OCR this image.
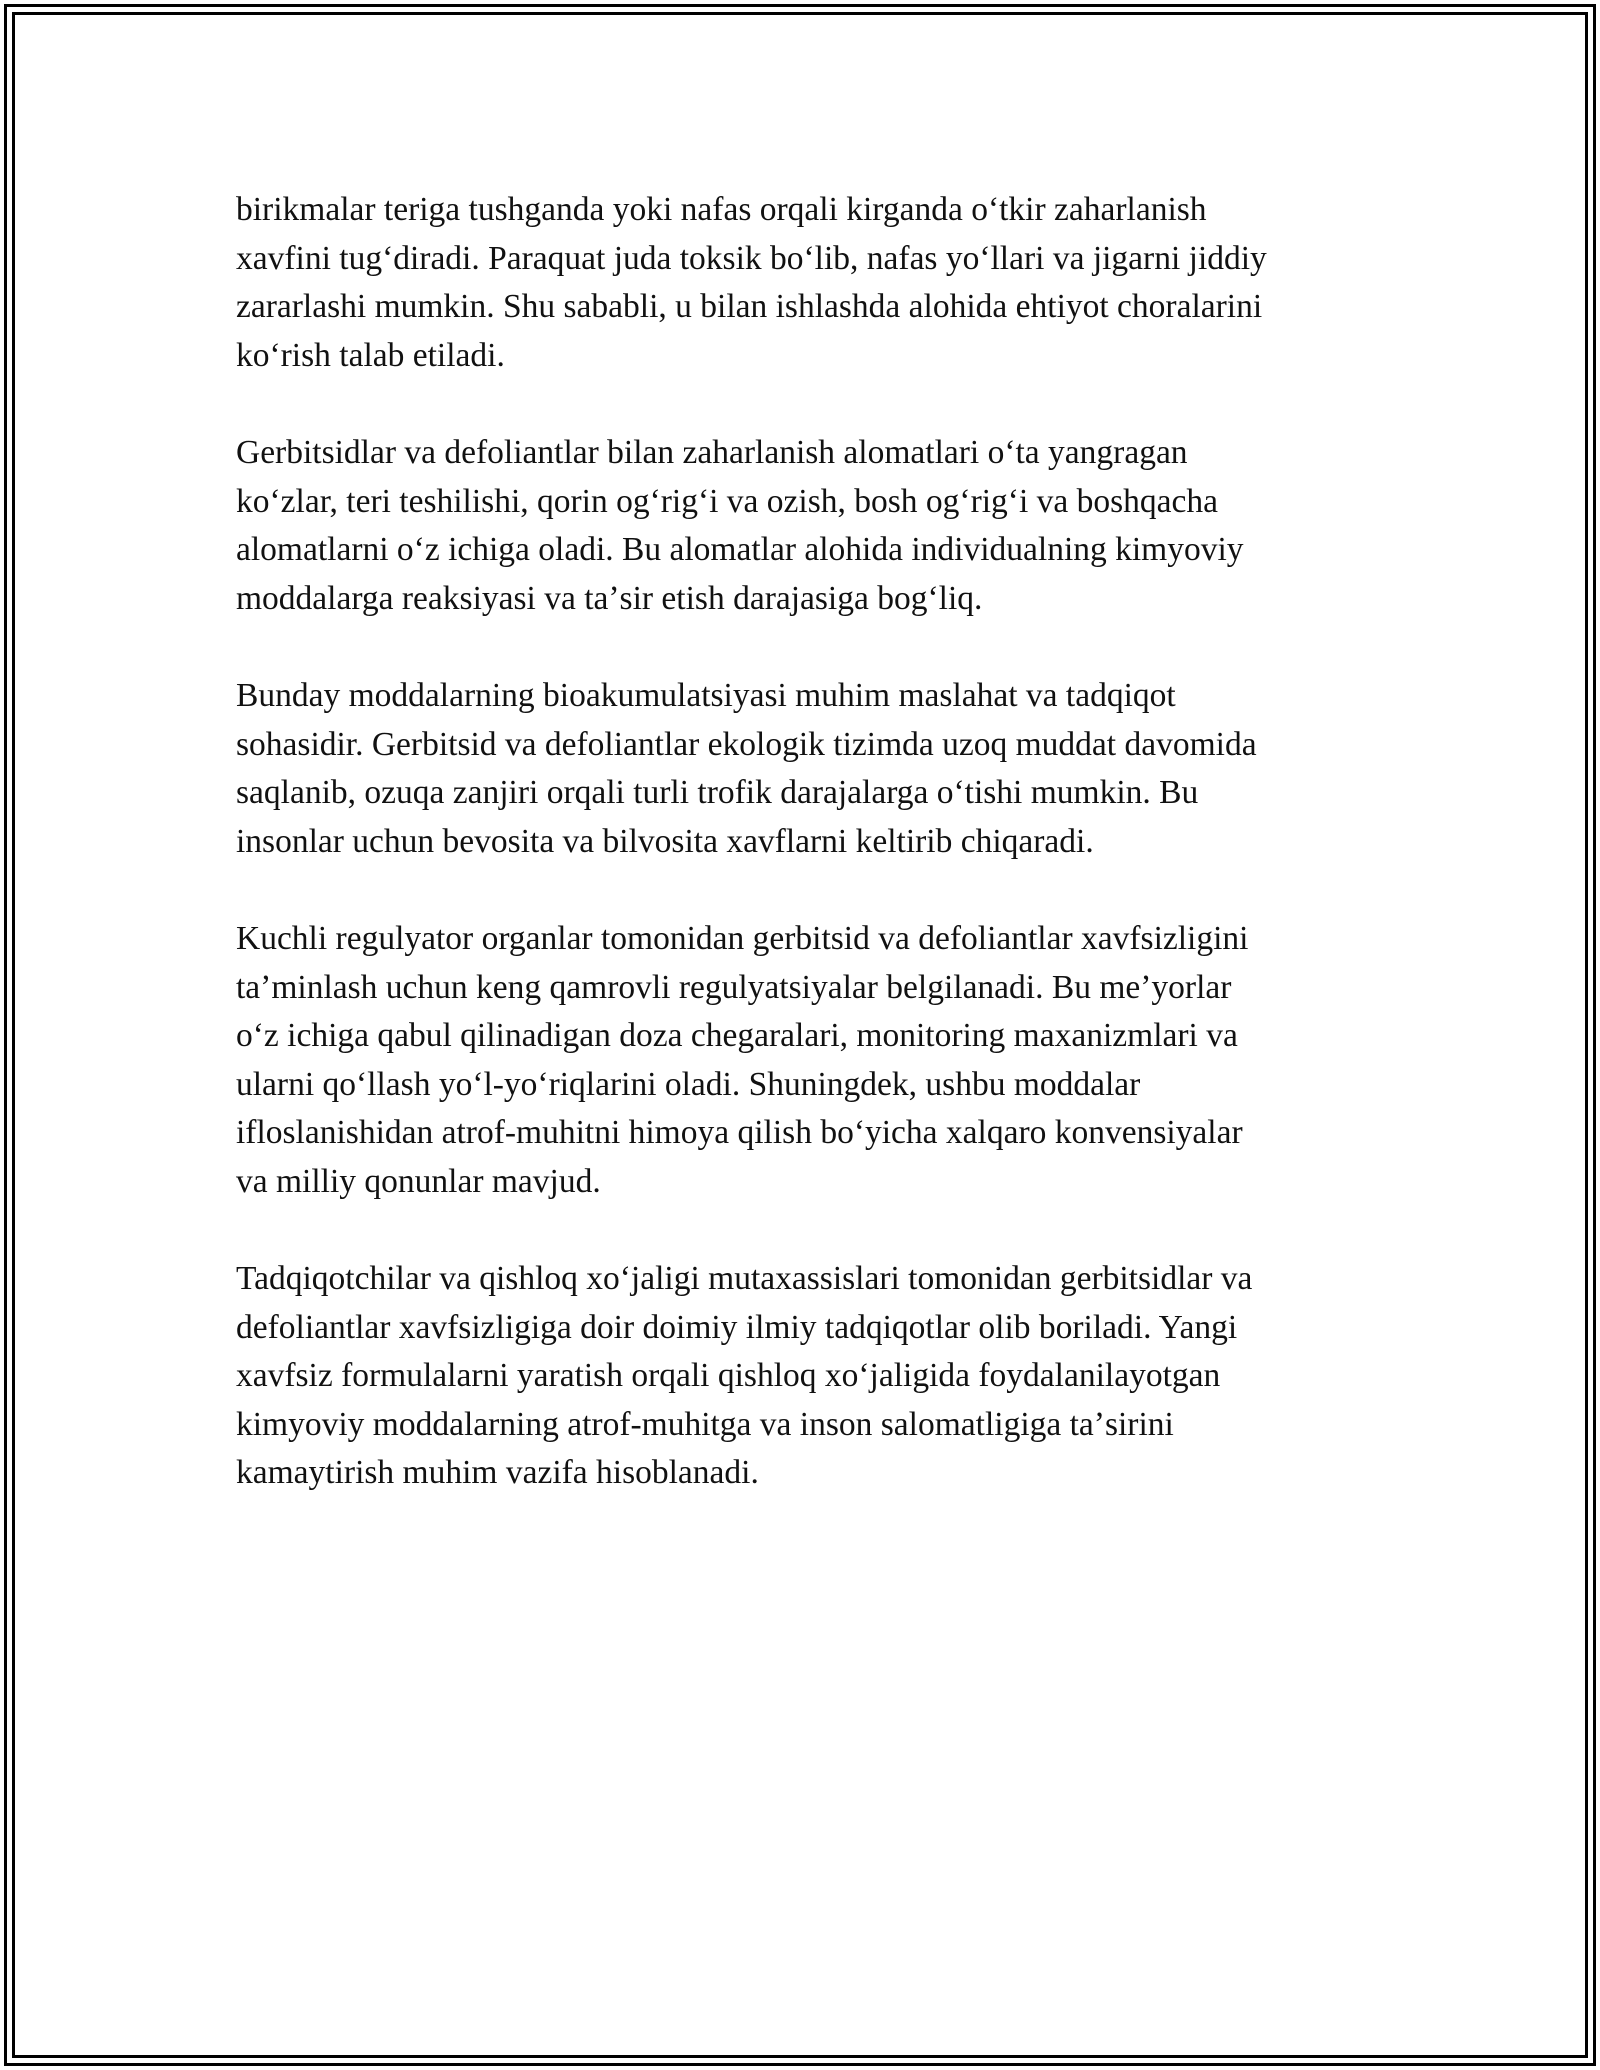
birikmalar teriga tushganda yoki nafas orqali kirganda oʻtkir zaharlanish
xavfini tugʻdiradi. Paraquat juda toksik boʻlib, nafas yoʻllari va jigarni jiddiy
zararlashi mumkin. Shu sababli, u bilan ishlashda alohida ehtiyot choralarini
koʻrish talab etiladi.

Gerbitsidlar va defoliantlar bilan zaharlanish alomatlari oʻta yangragan
koʻzlar, teri teshilishi, qorin ogʻrigʻi va ozish, bosh ogʻrigʻi va boshqacha
alomatlarni oʻz ichiga oladi. Bu alomatlar alohida individualning kimyoviy
moddalarga reaksiyasi va taʼsir etish darajasiga bogʻliq.

Bunday moddalarning bioakumulatsiyasi muhim maslahat va tadqiqot
sohasidir. Gerbitsid va defoliantlar ekologik tizimda uzoq muddat davomida
saqlanib, ozuqa zanjiri orqali turli trofik darajalarga oʻtishi mumkin. Bu
insonlar uchun bevosita va bilvosita xavflarni keltirib chiqaradi.

Kuchli regulyator organlar tomonidan gerbitsid va defoliantlar xavfsizligini
taʼminlash uchun keng qamrovli regulyatsiyalar belgilanadi. Bu meʼyorlar
oʻz ichiga qabul qilinadigan doza chegaralari, monitoring maxanizmlari va
ularni qoʻllash yoʻl-yoʻriqlarini oladi. Shuningdek, ushbu moddalar
ifloslanishidan atrof-muhitni himoya qilish boʻyicha xalqaro konvensiyalar
va milliy qonunlar mavjud.

Tadqiqotchilar va qishloq xoʻjaligi mutaxassislari tomonidan gerbitsidlar va
defoliantlar xavfsizligiga doir doimiy ilmiy tadqiqotlar olib boriladi. Yangi
xavfsiz formulalarni yaratish orqali qishloq xoʻjaligida foydalanilayotgan
kimyoviy moddalarning atrof-muhitga va inson salomatligiga taʼsirini
kamaytirish muhim vazifa hisoblanadi.
